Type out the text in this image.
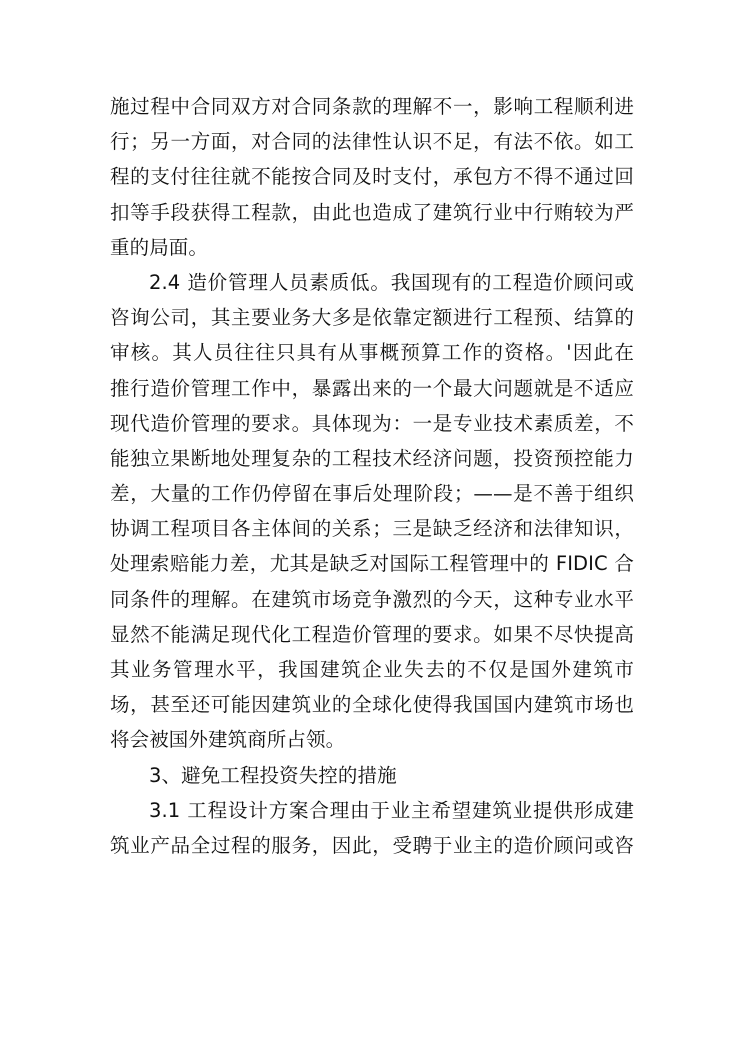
施过程中合同双方对合同条款的理解不一，影响工程顺利进
行；另一方面，对合同的法律性认识不足，有法不依。如工
程的支付往往就不能按合同及时支付，承包方不得不通过回
扣等手段获得工程款，由此也造成了建筑行业中行贿较为严
重的局面。
2.4 造价管理人员素质低。我国现有的工程造价顾问或
咨询公司，其主要业务大多是依靠定额进行工程预、结算的
审核。其人员往往只具有从事概预算工作的资格。'因此在
推行造价管理工作中，暴露出来的一个最大问题就是不适应
现代造价管理的要求。具体现为：一是专业技术素质差，不
能独立果断地处理复杂的工程技术经济问题，投资预控能力
差，大量的工作仍停留在事后处理阶段；——是不善于组织
协调工程项目各主体间的关系；三是缺乏经济和法律知识，
处理索赔能力差，尤其是缺乏对国际工程管理中的 FIDIC 合
同条件的理解。在建筑市场竞争激烈的今天，这种专业水平
显然不能满足现代化工程造价管理的要求。如果不尽快提高
其业务管理水平，我国建筑企业失去的不仅是国外建筑市
场，甚至还可能因建筑业的全球化使得我国国内建筑市场也
将会被国外建筑商所占领。
3、避免工程投资失控的措施
3.1 工程设计方案合理由于业主希望建筑业提供形成建
筑业产品全过程的服务，因此，受聘于业主的造价顾问或咨
